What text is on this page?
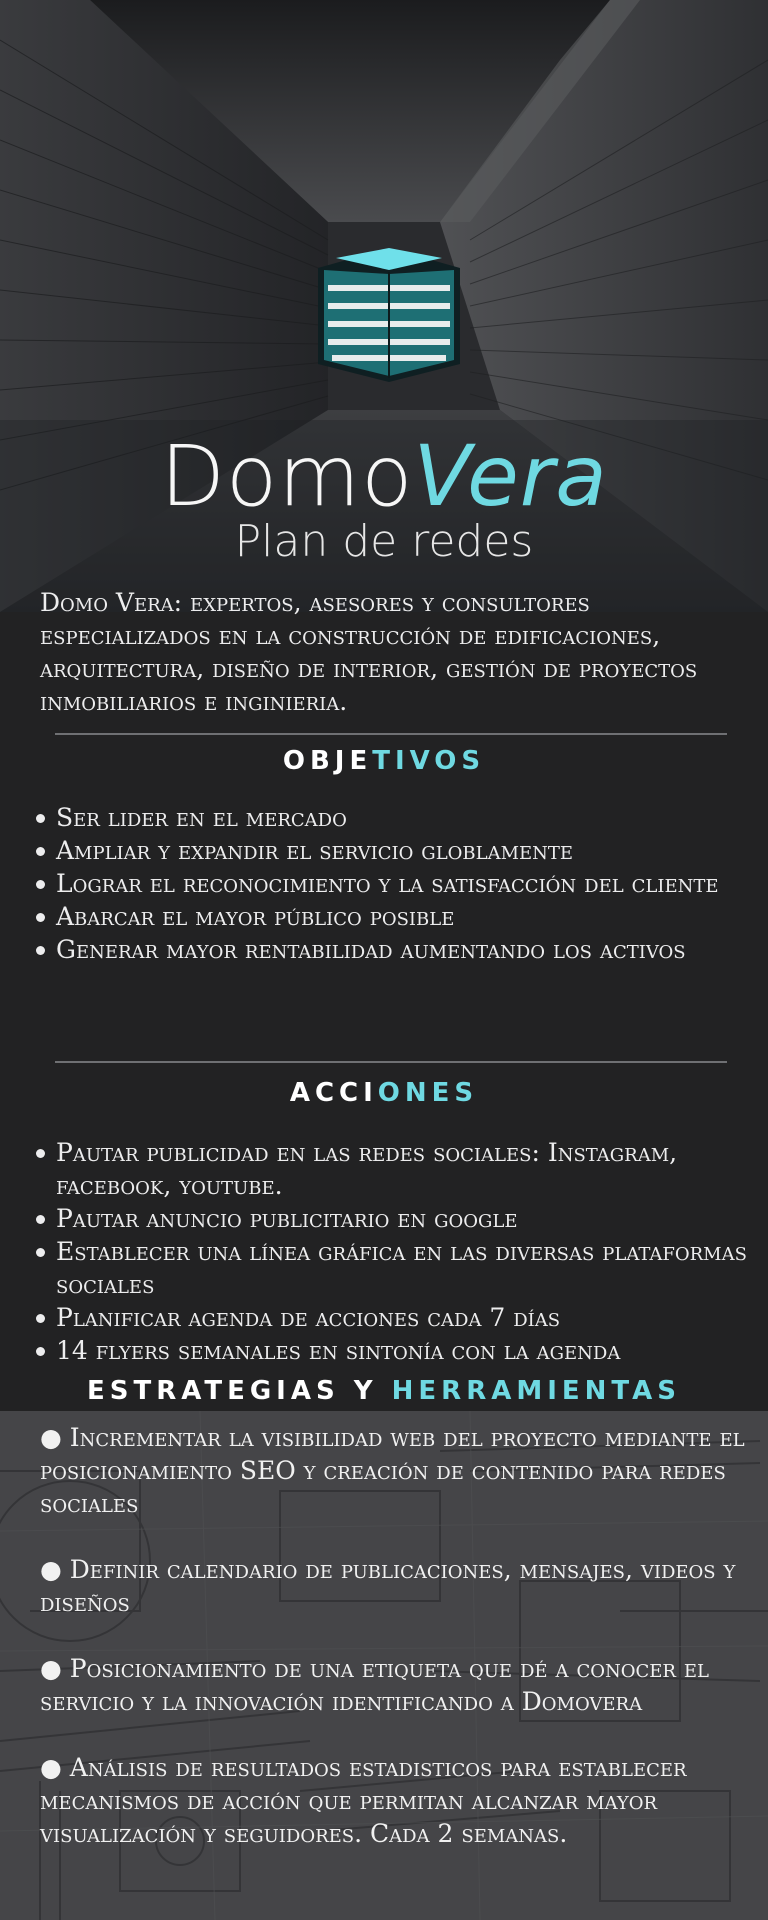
DomoVera
Plan de redes

Domo Vera: expertos, asesores y consultores especializados en la construcción de edificaciones, arquitectura, diseño de interior, gestión de proyectos inmobiliarios e inginieria.

OBJETIVOS
Ser lider en el mercado
Ampliar y expandir el servicio globlamente
Lograr el reconocimiento y la satisfacción del cliente
Abarcar el mayor público posible
Generar mayor rentabilidad aumentando los activos
ACCIONES
Pautar publicidad en las redes sociales: Instagram, facebook, youtube.
Pautar anuncio publicitario en google
Establecer una línea gráfica en las diversas plataformas sociales
Planificar agenda de acciones cada 7 días
14 flyers semanales en sintonía con la agenda
ESTRATEGIAS Y HERRAMIENTAS

● Incrementar la visibilidad web del proyecto mediante el posicionamiento SEO y creación de contenido para redes sociales

● Definir calendario de publicaciones, mensajes, videos y diseños

● Posicionamiento de una etiqueta que dé a conocer el servicio y la innovación identificando a Domovera

● Análisis de resultados estadisticos para establecer mecanismos de acción que permitan alcanzar mayor visualización y seguidores. Cada 2 semanas.
